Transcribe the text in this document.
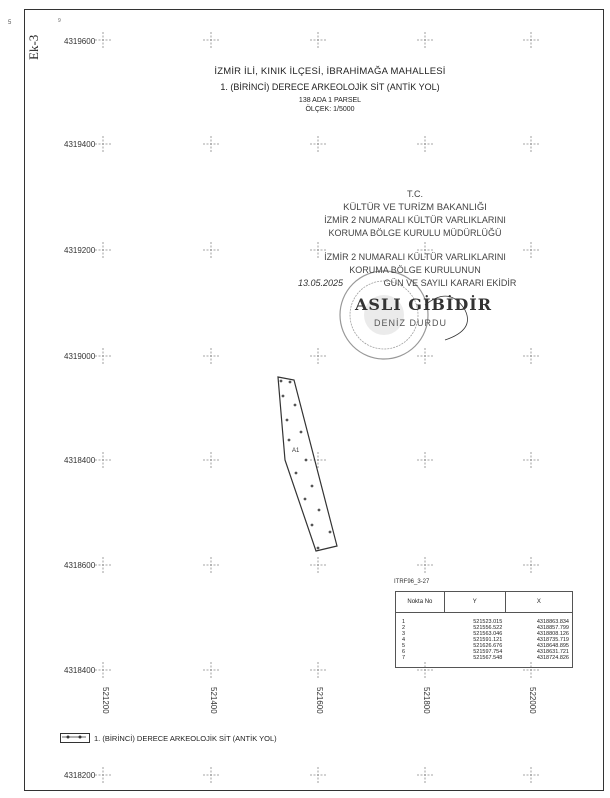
5	9
Ek-3	4319600
4319400
4319200
4319000
4318400
4318600
4318400
4318200
521200	521400	521600	521800	522000
İZMİR İLİ, KINIK İLÇESİ, İBRAHİMAĞA MAHALLESİ
1. (BİRİNCİ) DERECE ARKEOLOJİK SİT (ANTİK YOL)
138 ADA 1 PARSEL
ÖLÇEK: 1/5000
T.C.
KÜLTÜR VE TURİZM BAKANLIĞI
İZMİR 2 NUMARALI KÜLTÜR VARLIKLARINI
KORUMA BÖLGE KURULU MÜDÜRLÜĞÜ
İZMİR 2 NUMARALI KÜLTÜR VARLIKLARINI
KORUMA BÖLGE KURULUNUN
GÜN VE SAYILI KARARI EKİDİR
13.05.2025
ASLI GİBİDİR
DENİZ DURDU
A1
ITRF96_3-27
Nokta No	Y	X
1	521523.015	4318863.834
2	521556.522	4318857.799
3	521563.046	4318808.126
4	521591.121	4318735.719
5	521626.676	4318648.895
6	521597.754	4318631.721
7	521567.548	4318724.826
1. (BİRİNCİ) DERECE ARKEOLOJİK SİT (ANTİK YOL)
